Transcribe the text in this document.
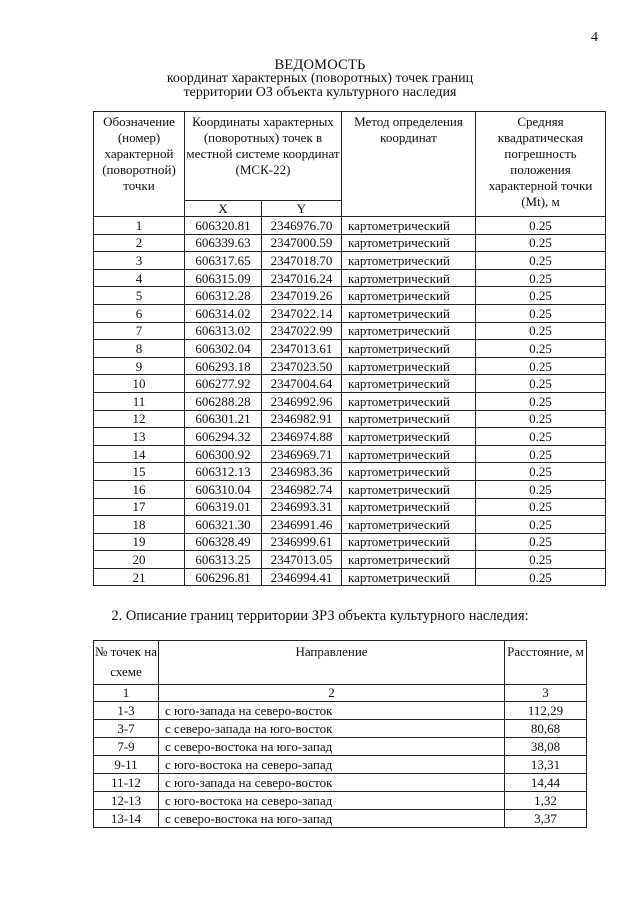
4
ВЕДОМОСТЬ
координат характерных (поворотных) точек границ
территории ОЗ объекта культурного наследия
Обозначение (номер) характерной (поворотной) точки	Координаты характерных (поворотных) точек в местной системе координат (МСК-22)		Метод определения координат	Средняя квадратическая погрешность положения характерной точки (Mt), м
	X	Y		
1	606320.81	2346976.70	картометрический	0.25
2	606339.63	2347000.59	картометрический	0.25
3	606317.65	2347018.70	картометрический	0.25
4	606315.09	2347016.24	картометрический	0.25
5	606312.28	2347019.26	картометрический	0.25
6	606314.02	2347022.14	картометрический	0.25
7	606313.02	2347022.99	картометрический	0.25
8	606302.04	2347013.61	картометрический	0.25
9	606293.18	2347023.50	картометрический	0.25
10	606277.92	2347004.64	картометрический	0.25
11	606288.28	2346992.96	картометрический	0.25
12	606301.21	2346982.91	картометрический	0.25
13	606294.32	2346974.88	картометрический	0.25
14	606300.92	2346969.71	картометрический	0.25
15	606312.13	2346983.36	картометрический	0.25
16	606310.04	2346982.74	картометрический	0.25
17	606319.01	2346993.31	картометрический	0.25
18	606321.30	2346991.46	картометрический	0.25
19	606328.49	2346999.61	картометрический	0.25
20	606313.25	2347013.05	картометрический	0.25
21	606296.81	2346994.41	картометрический	0.25
2. Описание границ территории ЗРЗ объекта культурного наследия:
№ точек на схеме	Направление	Расстояние, м
1	2	3
1-3	с юго-запада на северо-восток	112,29
3-7	с северо-запада на юго-восток	80,68
7-9	с северо-востока на юго-запад	38,08
9-11	с юго-востока на северо-запад	13,31
11-12	с юго-запада на северо-восток	14,44
12-13	с юго-востока на северо-запад	1,32
13-14	с северо-востока на юго-запад	3,37
